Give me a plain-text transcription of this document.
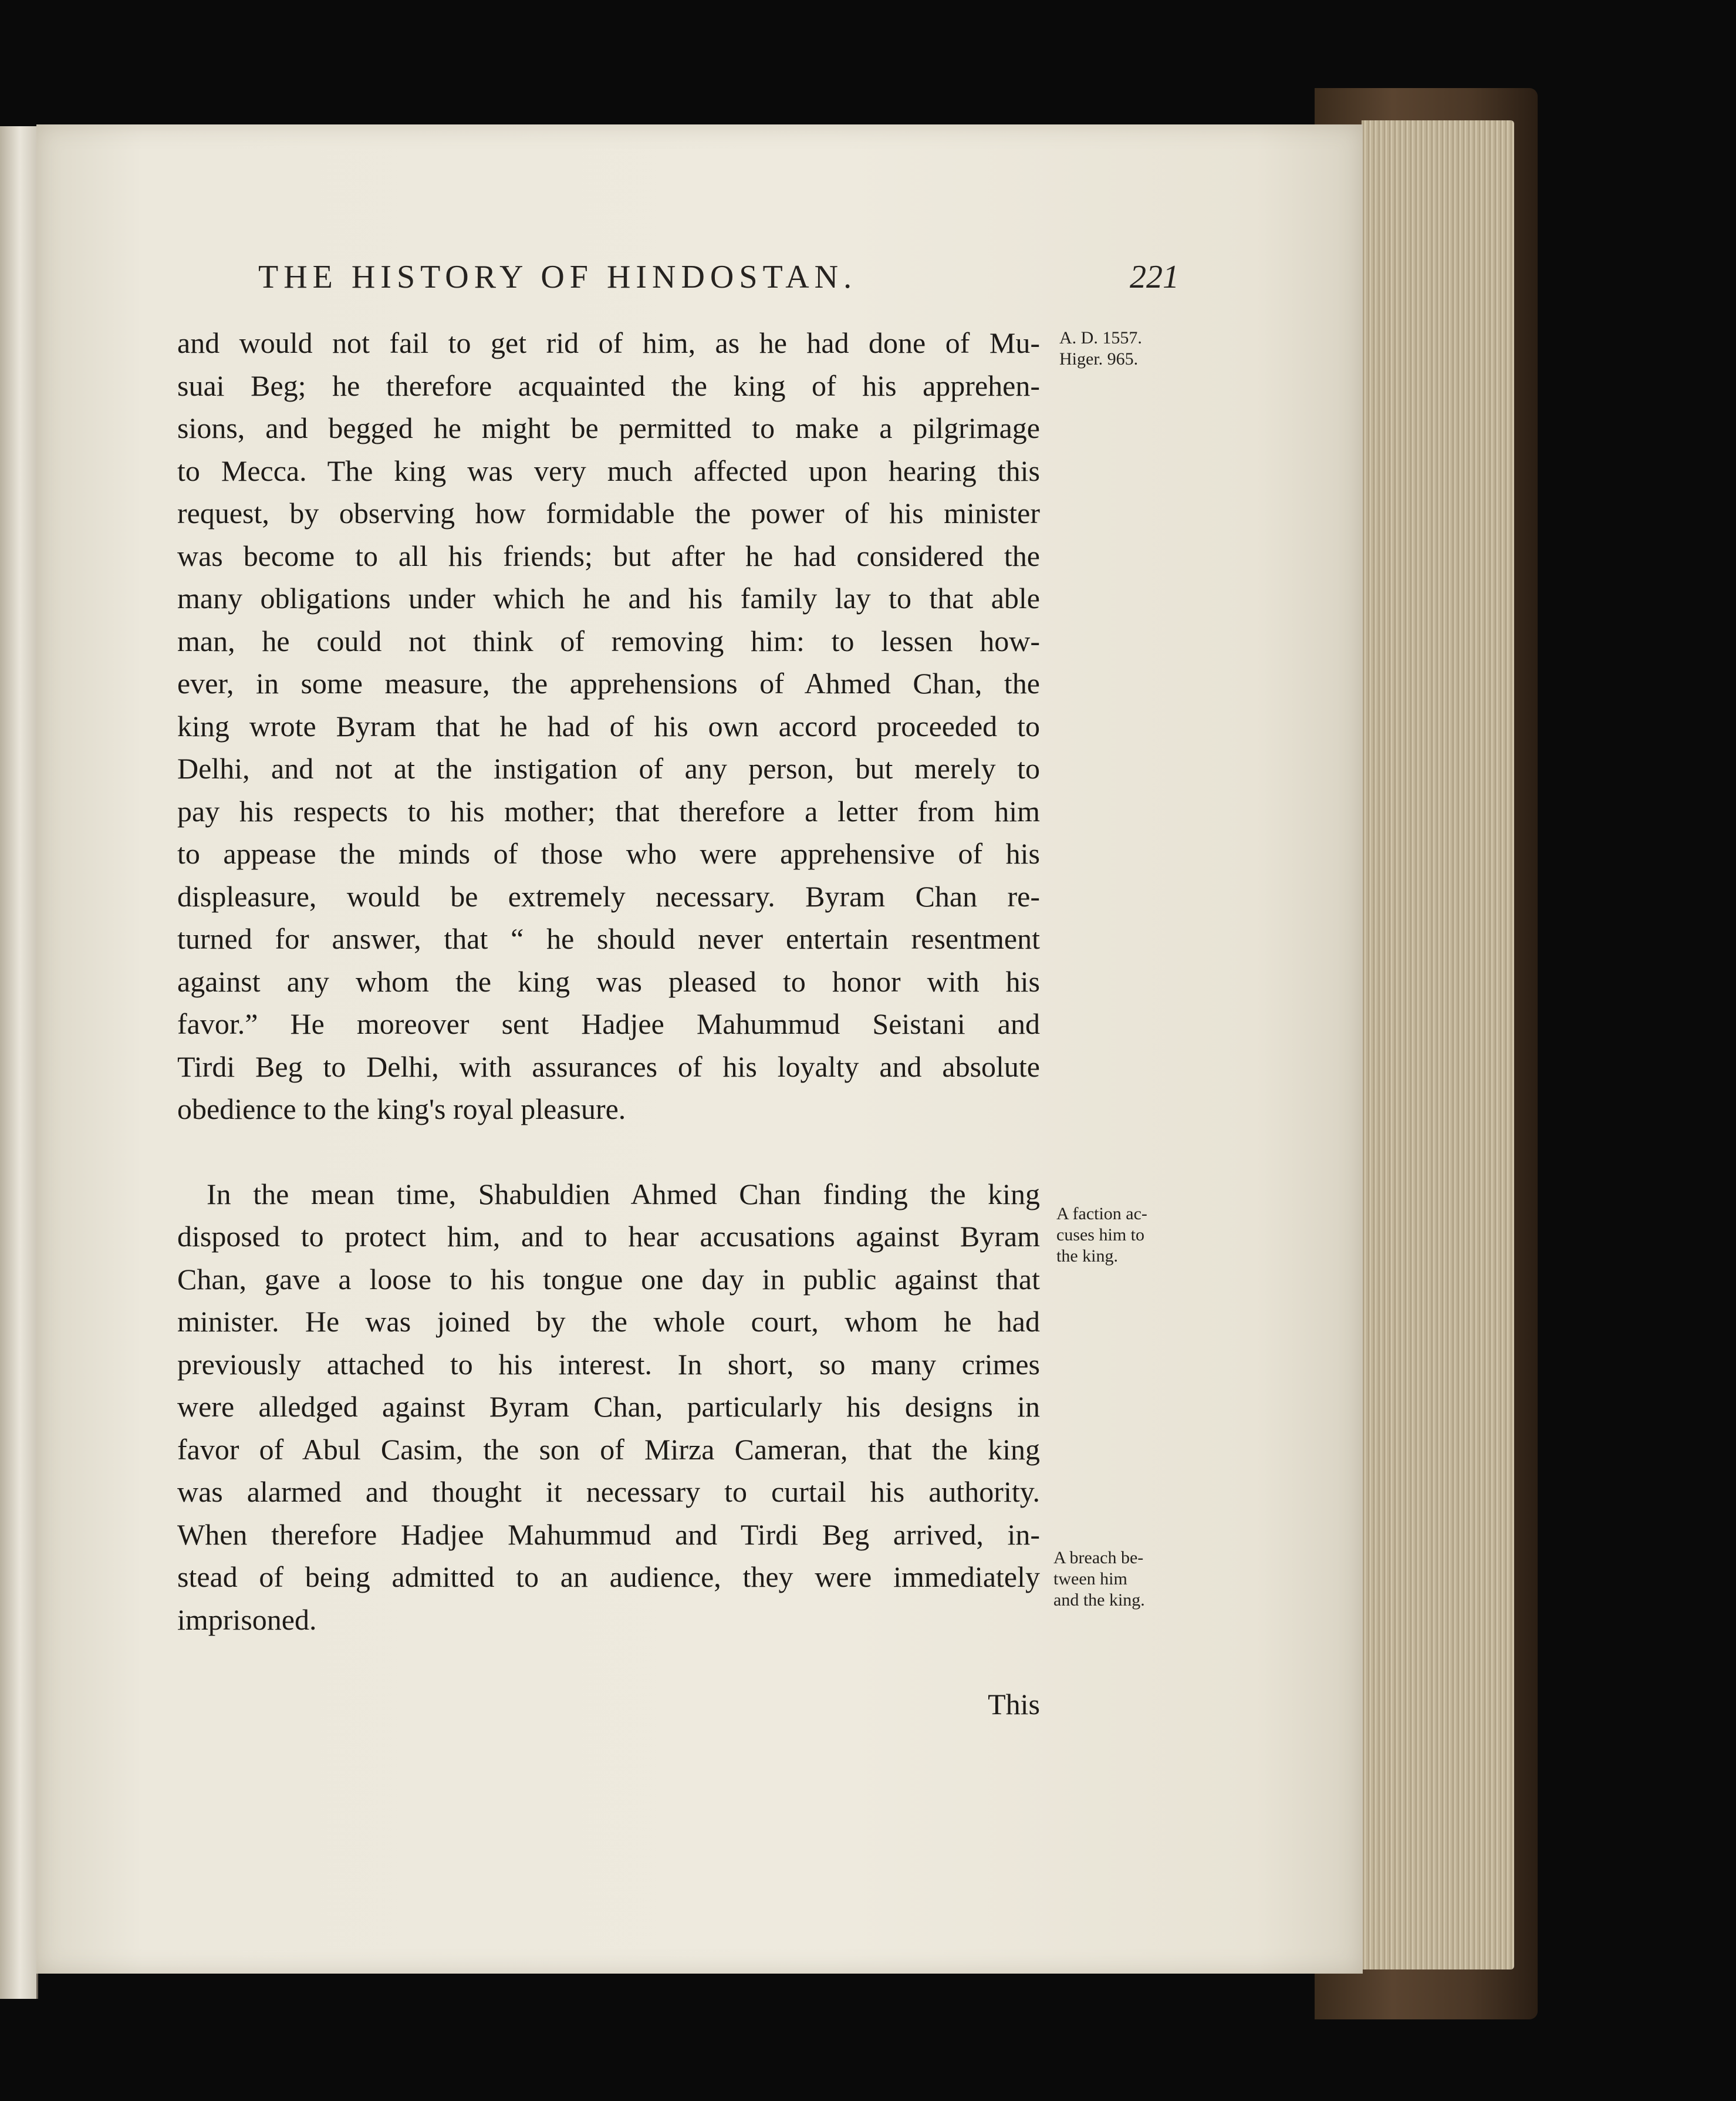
THE HISTORY OF HINDOSTAN.	221
and would not fail to get rid of him, as he had done of Mu-
suai Beg; he therefore acquainted the king of his apprehen-
sions, and begged he might be permitted to make a pilgrimage
to Mecca. The king was very much affected upon hearing this
request, by observing how formidable the power of his minister
was become to all his friends; but after he had considered the
many obligations under which he and his family lay to that able
man, he could not think of removing him: to lessen how-
ever, in some measure, the apprehensions of Ahmed Chan, the
king wrote Byram that he had of his own accord proceeded to
Delhi, and not at the instigation of any person, but merely to
pay his respects to his mother; that therefore a letter from him
to appease the minds of those who were apprehensive of his
displeasure, would be extremely necessary. Byram Chan re-
turned for answer, that “ he should never entertain resentment
against any whom the king was pleased to honor with his
favor.” He moreover sent Hadjee Mahummud Seistani and
Tirdi Beg to Delhi, with assurances of his loyalty and absolute
obedience to the king's royal pleasure.
In the mean time, Shabuldien Ahmed Chan finding the king
disposed to protect him, and to hear accusations against Byram
Chan, gave a loose to his tongue one day in public against that
minister. He was joined by the whole court, whom he had
previously attached to his interest. In short, so many crimes
were alledged against Byram Chan, particularly his designs in
favor of Abul Casim, the son of Mirza Cameran, that the king
was alarmed and thought it necessary to curtail his authority.
When therefore Hadjee Mahummud and Tirdi Beg arrived, in-
stead of being admitted to an audience, they were immediately
imprisoned.
This
A. D. 1557.
Higer. 965.
A faction ac-
cuses him to
the king.
A breach be-
tween him
and the king.
